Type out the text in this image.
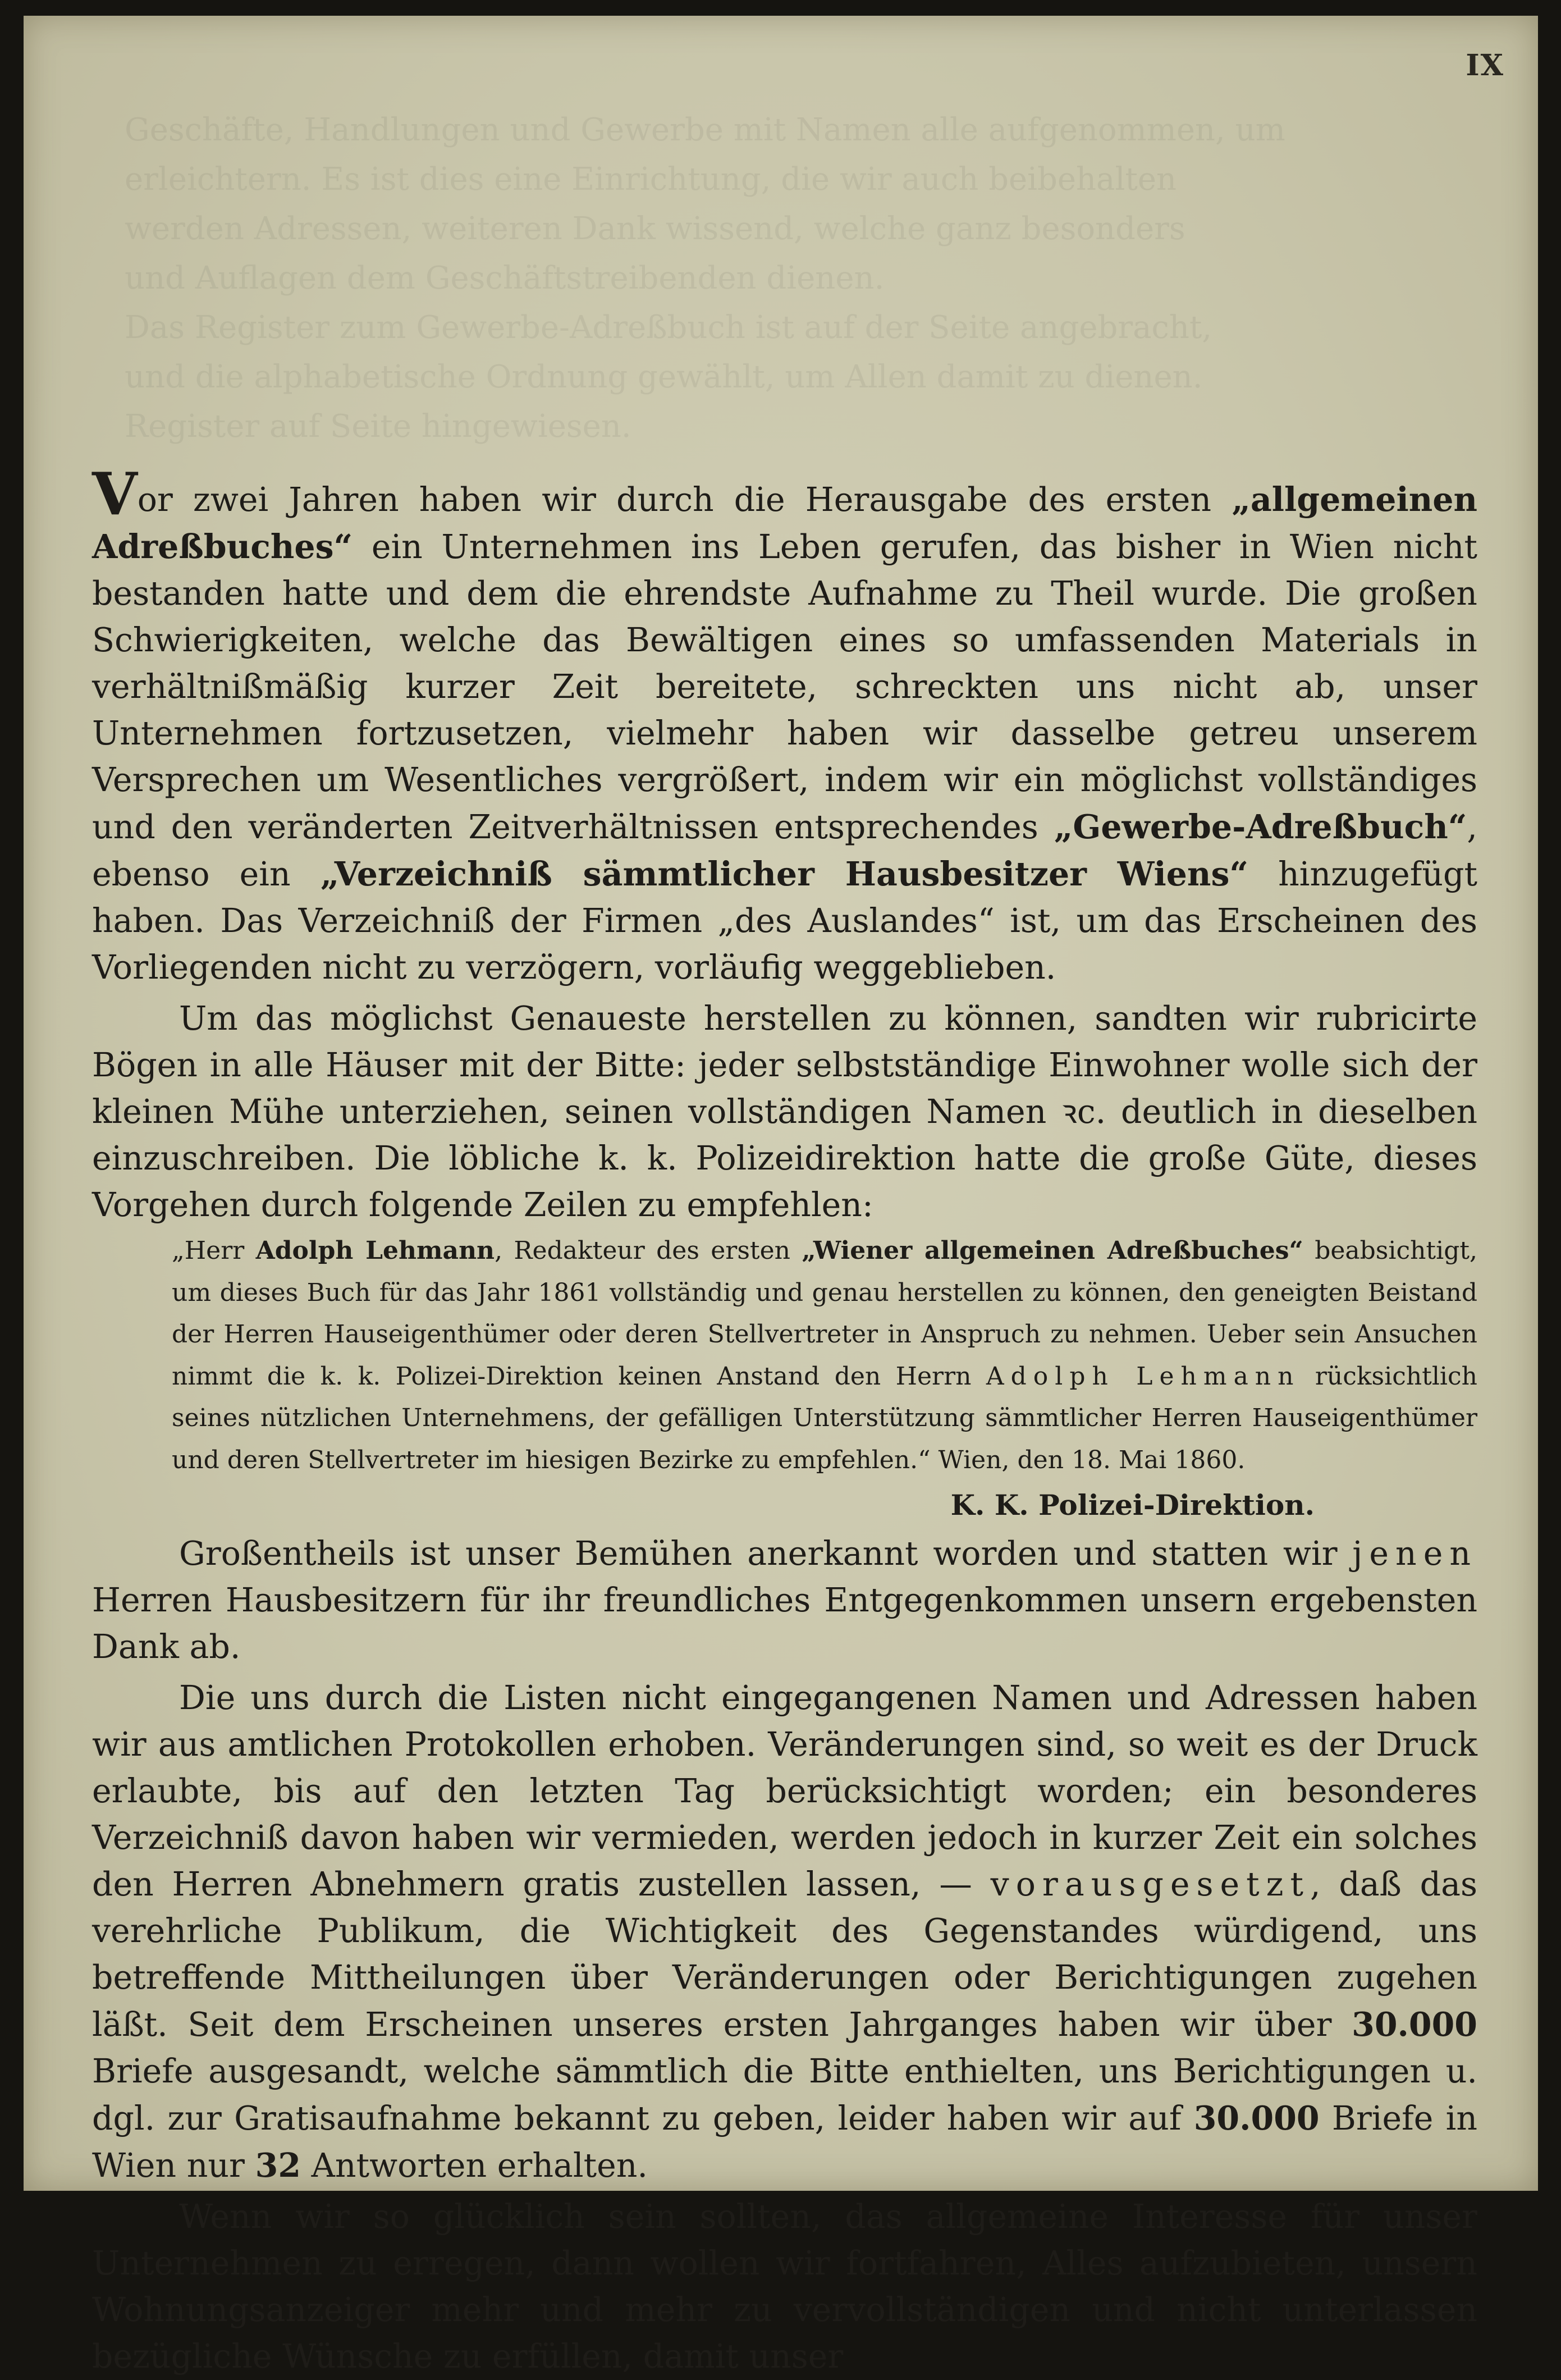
IX
Geschäfte, Handlungen und Gewerbe mit Namen alle aufgenommen, um
erleichtern. Es ist dies eine Einrichtung, die wir auch beibehalten
werden Adressen, weiteren Dank wissend, welche ganz besonders
und Auflagen dem Geschäftstreibenden dienen.
Das Register zum Gewerbe-Adreßbuch ist auf der Seite angebracht,
und die alphabetische Ordnung gewählt, um Allen damit zu dienen.
Register auf Seite hingewiesen.

Vor zwei Jahren haben wir durch die Herausgabe des ersten „allgemeinen Adreßbuches“ ein Unternehmen ins Leben gerufen, das bisher in Wien nicht bestanden hatte und dem die ehrendste Aufnahme zu Theil wurde. Die großen Schwierigkeiten, welche das Bewältigen eines so umfassenden Materials in verhältnißmäßig kurzer Zeit bereitete, schreckten uns nicht ab, unser Unternehmen fortzusetzen, vielmehr haben wir dasselbe getreu unserem Versprechen um Wesentliches vergrößert, indem wir ein möglichst vollständiges und den veränderten Zeitverhältnissen entsprechendes „Gewerbe-Adreßbuch“, ebenso ein „Verzeichniß sämmtlicher Hausbesitzer Wiens“ hinzugefügt haben. Das Verzeichniß der Firmen „des Auslandes“ ist, um das Erscheinen des Vorliegenden nicht zu verzögern, vorläufig weggeblieben.

Um das möglichst Genaueste herstellen zu können, sandten wir rubricirte Bögen in alle Häuser mit der Bitte: jeder selbstständige Einwohner wolle sich der kleinen Mühe unterziehen, seinen vollständigen Namen ꝛc. deutlich in dieselben einzuschreiben. Die löbliche k. k. Polizeidirektion hatte die große Güte, dieses Vorgehen durch folgende Zeilen zu empfehlen:

„Herr Adolph Lehmann, Redakteur des ersten „Wiener allgemeinen Adreßbuches“ beabsichtigt, um dieses Buch für das Jahr 1861 vollständig und genau herstellen zu können, den geneigten Beistand der Herren Hauseigenthümer oder deren Stellvertreter in Anspruch zu nehmen. Ueber sein Ansuchen nimmt die k. k. Polizei-Direktion keinen Anstand den Herrn Adolph Lehmann rücksichtlich seines nützlichen Unternehmens, der gefälligen Unterstützung sämmtlicher Herren Hauseigenthümer und deren Stellvertreter im hiesigen Bezirke zu empfehlen.“ Wien, den 18. Mai 1860.

K. K. Polizei-Direktion.

Großentheils ist unser Bemühen anerkannt worden und statten wir jenen Herren Hausbesitzern für ihr freundliches Entgegenkommen unsern ergebensten Dank ab.

Die uns durch die Listen nicht eingegangenen Namen und Adressen haben wir aus amtlichen Protokollen erhoben. Veränderungen sind, so weit es der Druck erlaubte, bis auf den letzten Tag berücksichtigt worden; ein besonderes Verzeichniß davon haben wir vermieden, werden jedoch in kurzer Zeit ein solches den Herren Abnehmern gratis zustellen lassen, — vorausgesetzt, daß das verehrliche Publikum, die Wichtigkeit des Gegenstandes würdigend, uns betreffende Mittheilungen über Veränderungen oder Berichtigungen zugehen läßt. Seit dem Erscheinen unseres ersten Jahrganges haben wir über 30.000 Briefe ausgesandt, welche sämmtlich die Bitte enthielten, uns Berichtigungen u. dgl. zur Gratisaufnahme bekannt zu geben, leider haben wir auf 30.000 Briefe in Wien nur 32 Antworten erhalten.

Wenn wir so glücklich sein sollten, das allgemeine Interesse für unser Unternehmen zu erregen, dann wollen wir fortfahren, Alles aufzubieten, unsern Wohnungsanzeiger mehr und mehr zu vervollständigen und nicht unterlassen bezügliche Wünsche zu erfüllen, damit unser
